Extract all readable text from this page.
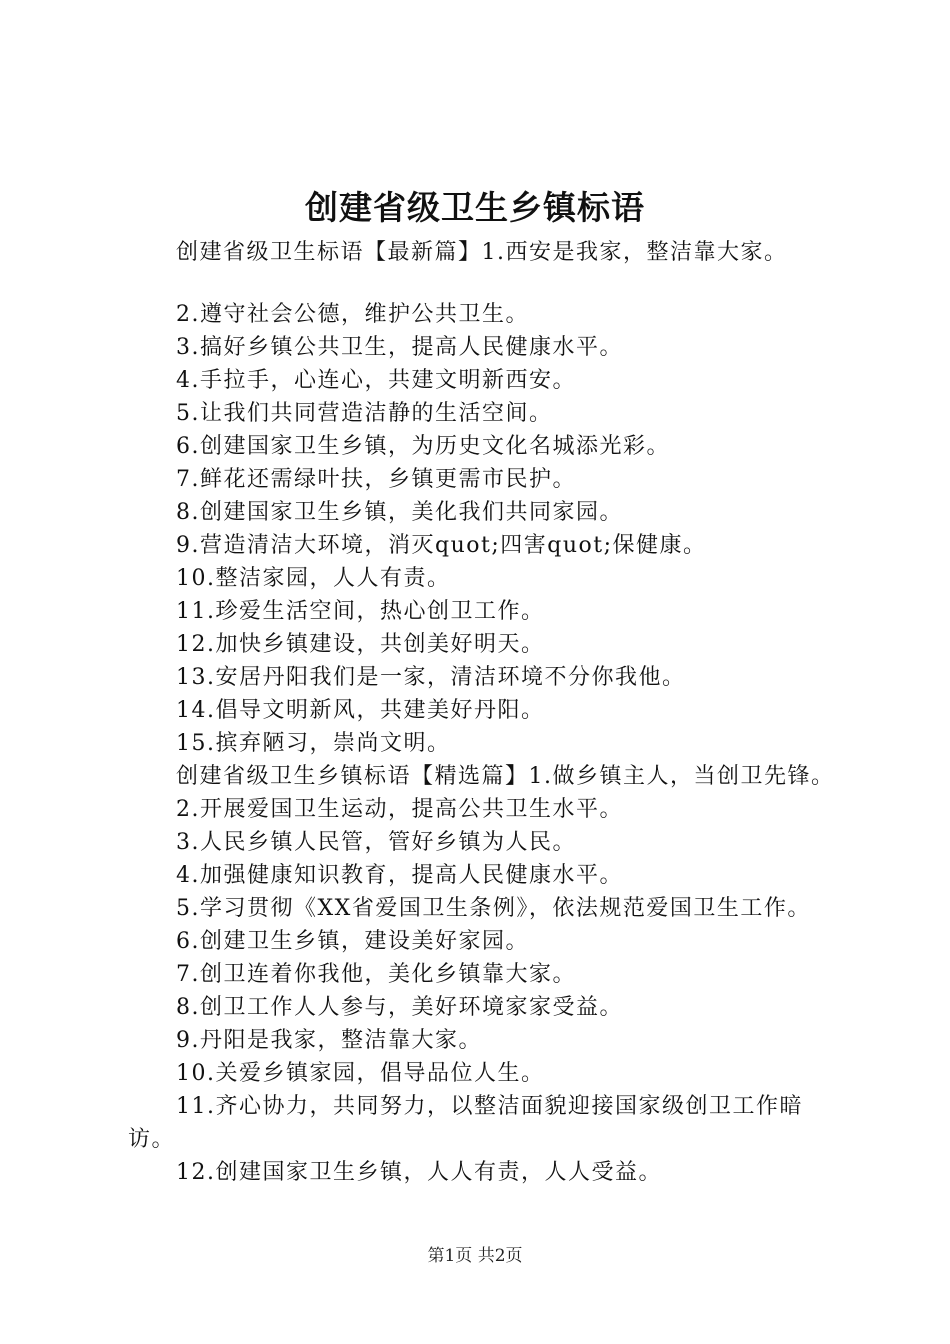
创建省级卫生乡镇标语

创建省级卫生标语【最新篇】1.西安是我家，整洁靠大家。

2.遵守社会公德，维护公共卫生。

3.搞好乡镇公共卫生，提高人民健康水平。

4.手拉手，心连心，共建文明新西安。

5.让我们共同营造洁静的生活空间。

6.创建国家卫生乡镇，为历史文化名城添光彩。

7.鲜花还需绿叶扶，乡镇更需市民护。

8.创建国家卫生乡镇，美化我们共同家园。

9.营造清洁大环境，消灭quot;四害quot;保健康。

10.整洁家园，人人有责。

11.珍爱生活空间，热心创卫工作。

12.加快乡镇建设，共创美好明天。

13.安居丹阳我们是一家，清洁环境不分你我他。

14.倡导文明新风，共建美好丹阳。

15.摈弃陋习，崇尚文明。

创建省级卫生乡镇标语【精选篇】1.做乡镇主人，当创卫先锋。

2.开展爱国卫生运动，提高公共卫生水平。

3.人民乡镇人民管，管好乡镇为人民。

4.加强健康知识教育，提高人民健康水平。

5.学习贯彻《XX省爱国卫生条例》，依法规范爱国卫生工作。

6.创建卫生乡镇，建设美好家园。

7.创卫连着你我他，美化乡镇靠大家。

8.创卫工作人人参与，美好环境家家受益。

9.丹阳是我家，整洁靠大家。

10.关爱乡镇家园，倡导品位人生。

11.齐心协力，共同努力，以整洁面貌迎接国家级创卫工作暗访。

12.创建国家卫生乡镇，人人有责，人人受益。

第1页 共2页
